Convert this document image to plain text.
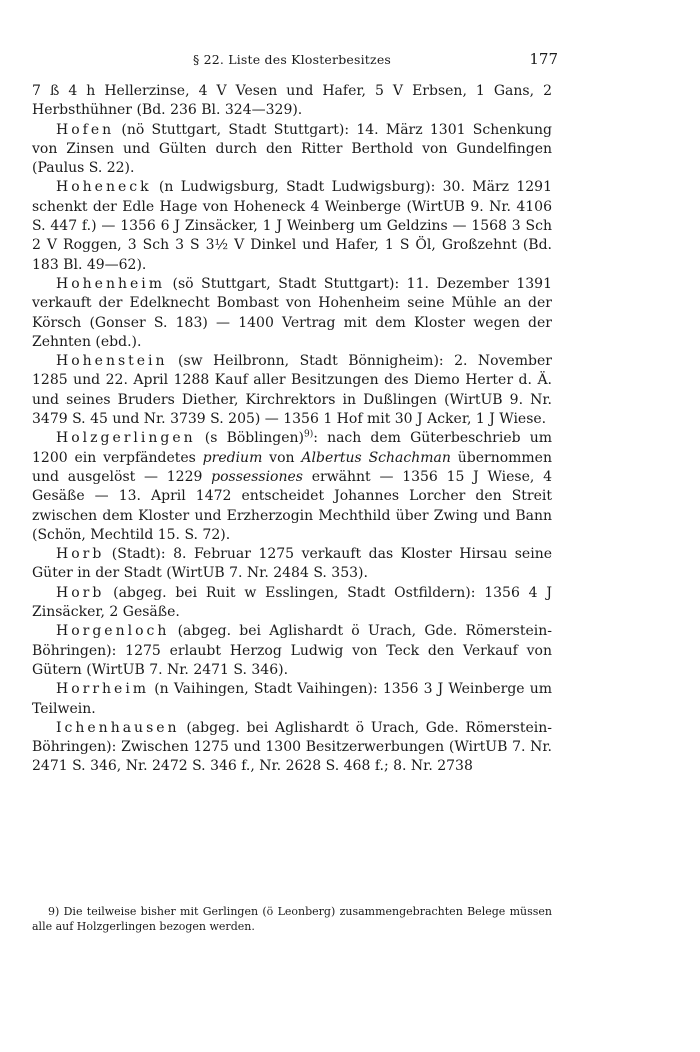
§ 22. Liste des Klosterbesitzes	177

7 ß 4 h Hellerzinse, 4 V Vesen und Hafer, 5 V Erbsen, 1 Gans, 2 Herbsthühner (Bd. 236 Bl. 324—329).

Hofen (nö Stuttgart, Stadt Stuttgart): 14. März 1301 Schenkung von Zinsen und Gülten durch den Ritter Berthold von Gundelfingen (Paulus S. 22).

Hoheneck (n Ludwigsburg, Stadt Ludwigsburg): 30. März 1291 schenkt der Edle Hage von Hoheneck 4 Weinberge (WirtUB 9. Nr. 4106 S. 447 f.) — 1356 6 J Zinsäcker, 1 J Weinberg um Geldzins — 1568 3 Sch 2 V Roggen, 3 Sch 3 S 3½ V Dinkel und Hafer, 1 S Öl, Großzehnt (Bd. 183 Bl. 49—62).

Hohenheim (sö Stuttgart, Stadt Stuttgart): 11. Dezember 1391 verkauft der Edelknecht Bombast von Hohenheim seine Mühle an der Körsch (Gonser S. 183) — 1400 Vertrag mit dem Kloster wegen der Zehnten (ebd.).

Hohenstein (sw Heilbronn, Stadt Bönnigheim): 2. November 1285 und 22. April 1288 Kauf aller Besitzungen des Diemo Herter d. Ä. und seines Bruders Diether, Kirchrektors in Dußlingen (WirtUB 9. Nr. 3479 S. 45 und Nr. 3739 S. 205) — 1356 1 Hof mit 30 J Acker, 1 J Wiese.

Holzgerlingen (s Böblingen)$^{9)}$: nach dem Güterbeschrieb um 1200 ein verpfändetes predium von Albertus Schachman übernommen und ausgelöst — 1229 possessiones erwähnt — 1356 15 J Wiese, 4 Gesäße — 13. April 1472 entscheidet Johannes Lorcher den Streit zwischen dem Kloster und Erzherzogin Mechthild über Zwing und Bann (Schön, Mechtild 15. S. 72).

Horb (Stadt): 8. Februar 1275 verkauft das Kloster Hirsau seine Güter in der Stadt (WirtUB 7. Nr. 2484 S. 353).

Horb (abgeg. bei Ruit w Esslingen, Stadt Ostfildern): 1356 4 J Zinsäcker, 2 Gesäße.

Horgenloch (abgeg. bei Aglishardt ö Urach, Gde. Römerstein-Böhringen): 1275 erlaubt Herzog Ludwig von Teck den Verkauf von Gütern (WirtUB 7. Nr. 2471 S. 346).

Horrheim (n Vaihingen, Stadt Vaihingen): 1356 3 J Weinberge um Teilwein.

Ichenhausen (abgeg. bei Aglishardt ö Urach, Gde. Römerstein-Böhringen): Zwischen 1275 und 1300 Besitzerwerbungen (WirtUB 7. Nr. 2471 S. 346, Nr. 2472 S. 346 f., Nr. 2628 S. 468 f.; 8. Nr. 2738

9) Die teilweise bisher mit Gerlingen (ö Leonberg) zusammengebrachten Belege müssen alle auf Holzgerlingen bezogen werden.
